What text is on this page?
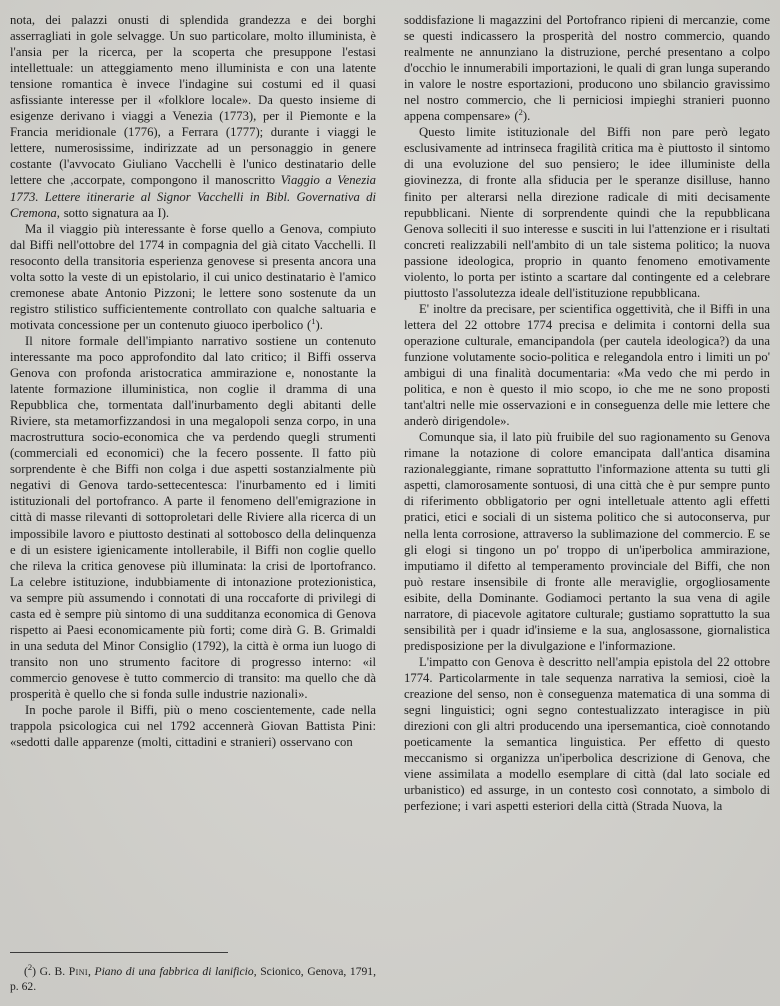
nota, dei palazzi onusti di splendida grandezza e dei borghi asserragliati in gole selvagge. Un suo particolare, molto illuminista, è l'ansia per la ricerca, per la scoperta che presuppone l'estasi intellettuale: un atteggiamento meno illuminista e con una latente tensione romantica è invece l'indagine sui costumi ed il quasi asfissiante interesse per il «folklore locale». Da questo insieme di esigenze derivano i viaggi a Venezia (1773), per il Piemonte e la Francia meridionale (1776), a Ferrara (1777); durante i viaggi le lettere, numerosissime, indirizzate ad un personaggio in genere costante (l'avvocato Giuliano Vacchelli è l'unico destinatario delle lettere che ,accorpate, compongono il manoscritto Viaggio a Venezia 1773. Lettere itinerarie al Signor Vacchelli in Bibl. Governativa di Cremona, sotto signatura aa I).

Ma il viaggio più interessante è forse quello a Genova, compiuto dal Biffi nell'ottobre del 1774 in compagnia del già citato Vacchelli. Il resoconto della transitoria esperienza genovese si presenta ancora una volta sotto la veste di un epistolario, il cui unico destinatario è l'amico cremonese abate Antonio Pizzoni; le lettere sono sostenute da un registro stilistico sufficientemente controllato con qualche saltuaria e motivata concessione per un contenuto giuoco iperbolico ($^1$).

Il nitore formale dell'impianto narrativo sostiene un contenuto interessante ma poco approfondito dal lato critico; il Biffi osserva Genova con profonda aristocratica ammirazione e, nonostante la latente formazione illuministica, non coglie il dramma di una Repubblica che, tormentata dall'inurbamento degli abitanti delle Riviere, sta metamorfizzandosi in una megalopoli senza corpo, in una macrostruttura socio-economica che va perdendo quegli strumenti (commerciali ed economici) che la fecero possente. Il fatto più sorprendente è che Biffi non colga i due aspetti sostanzialmente più negativi di Genova tardo-settecentesca: l'inurbamento ed i limiti istituzionali del portofranco. A parte il fenomeno dell'emigrazione in città di masse rilevanti di sottoproletari delle Riviere alla ricerca di un impossibile lavoro e piuttosto destinati al sottobosco della delinquenza e di un esistere igienicamente intollerabile, il Biffi non coglie quello che rileva la critica genovese più illuminata: la crisi de lportofranco. La celebre istituzione, indubbiamente di intonazione protezionistica, va sempre più assumendo i connotati di una roccaforte di privilegi di casta ed è sempre più sintomo di una sudditanza economica di Genova rispetto ai Paesi economicamente più forti; come dirà G. B. Grimaldi in una seduta del Minor Consiglio (1792), la città è orma iun luogo di transito non uno strumento facitore di progresso interno: «il commercio genovese è tutto commercio di transito: ma quello che dà prosperità è quello che si fonda sulle industrie nazionali».

In poche parole il Biffi, più o meno coscientemente, cade nella trappola psicologica cui nel 1792 accennerà Giovan Battista Pini: «sedotti dalle apparenze (molti, cittadini e stranieri) osservano con

($^2$) G. B. Pini, Piano di una fabbrica di lanificio, Scionico, Genova, 1791, p. 62.

soddisfazione li magazzini del Portofranco ripieni di mercanzie, come se questi indicassero la prosperità del nostro commercio, quando realmente ne annunziano la distruzione, perché presentano a colpo d'occhio le innumerabili importazioni, le quali di gran lunga superando in valore le nostre esportazioni, producono uno sbilancio gravissimo nel nostro commercio, che li perniciosi impieghi stranieri puonno appena compensare» ($^2$).

Questo limite istituzionale del Biffi non pare però legato esclusivamente ad intrinseca fragilità critica ma è piuttosto il sintomo di una evoluzione del suo pensiero; le idee illuministe della giovinezza, di fronte alla sfiducia per le speranze disilluse, hanno finito per alterarsi nella direzione radicale di miti decisamente repubblicani. Niente di sorprendente quindi che la repubblicana Genova solleciti il suo interesse e susciti in lui l'attenzione er i risultati concreti realizzabili nell'ambito di un tale sistema politico; la nuova passione ideologica, proprio in quanto fenomeno emotivamente violento, lo porta per istinto a scartare dal contingente ed a celebrare piuttosto l'assolutezza ideale dell'istituzione repubblicana.

E' inoltre da precisare, per scientifica oggettività, che il Biffi in una lettera del 22 ottobre 1774 precisa e delimita i contorni della sua operazione culturale, emancipandola (per cautela ideologica?) da una funzione volutamente socio-politica e relegandola entro i limiti un po' ambigui di una finalità documentaria: «Ma vedo che mi perdo in politica, e non è questo il mio scopo, io che me ne sono proposti tant'altri nelle mie osservazioni e in conseguenza delle mie lettere che anderò dirigendole».

Comunque sia, il lato più fruibile del suo ragionamento su Genova rimane la notazione di colore emancipata dall'antica disamina razionaleggiante, rimane soprattutto l'informazione attenta su tutti gli aspetti, clamorosamente sontuosi, di una città che è pur sempre punto di riferimento obbligatorio per ogni intelletuale attento agli effetti pratici, etici e sociali di un sistema politico che si autoconserva, pur nella lenta corrosione, attraverso la sublimazione del commercio. E se gli elogi si tingono un po' troppo di un'iperbolica ammirazione, imputiamo il difetto al temperamento provinciale del Biffi, che non può restare insensibile di fronte alle meraviglie, orgogliosamente esibite, della Dominante. Godiamoci pertanto la sua vena di agile narratore, di piacevole agitatore culturale; gustiamo soprattutto la sua sensibilità per i quadr id'insieme e la sua, anglosassone, giornalistica predisposizione per la divulgazione e l'informazione.

L'impatto con Genova è descritto nell'ampia epistola del 22 ottobre 1774. Particolarmente in tale sequenza narrativa la semiosi, cioè la creazione del senso, non è conseguenza matematica di una somma di segni linguistici; ogni segno contestualizzato interagisce in più direzioni con gli altri producendo una ipersemantica, cioè connotando poeticamente la semantica linguistica. Per effetto di questo meccanismo si organizza un'iperbolica descrizione di Genova, che viene assimilata a modello esemplare di città (dal lato sociale ed urbanistico) ed assurge, in un contesto così connotato, a simbolo di perfezione; i vari aspetti esteriori della città (Strada Nuova, la
